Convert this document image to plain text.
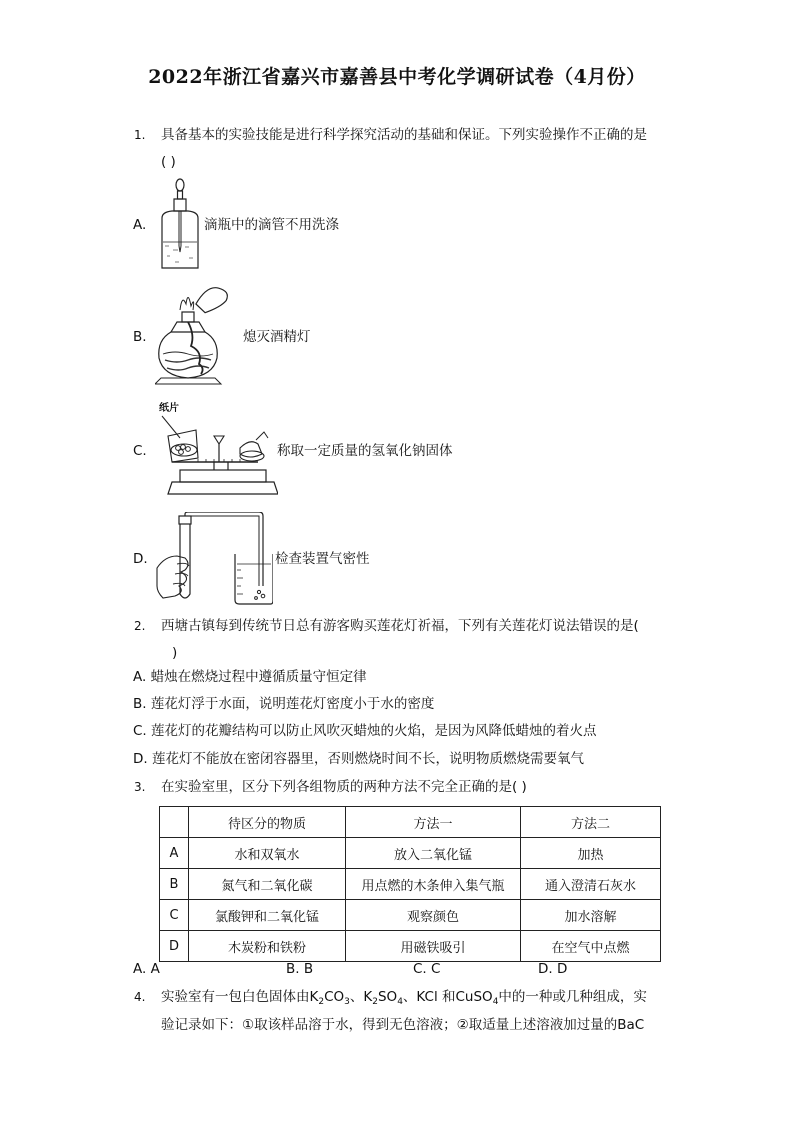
2022年浙江省嘉兴市嘉善县中考化学调研试卷（4月份）
1. 具备基本的实验技能是进行科学探究活动的基础和保证。下列实验操作不正确的是
( )
A.	滴瓶中的滴管不用洗涤
B.	熄灭酒精灯
纸片
C.	称取一定质量的氢氧化钠固体
D.	检查装置气密性
2. 西塘古镇每到传统节日总有游客购买莲花灯祈福，下列有关莲花灯说法错误的是(
)
A. 蜡烛在燃烧过程中遵循质量守恒定律
B. 莲花灯浮于水面，说明莲花灯密度小于水的密度
C. 莲花灯的花瓣结构可以防止风吹灭蜡烛的火焰，是因为风降低蜡烛的着火点
D. 莲花灯不能放在密闭容器里，否则燃烧时间不长，说明物质燃烧需要氧气
3. 在实验室里，区分下列各组物质的两种方法不完全正确的是( )
	待区分的物质	方法一	方法二
A	水和双氧水	放入二氧化锰	加热
B	氮气和二氧化碳	用点燃的木条伸入集气瓶	通入澄清石灰水
C	氯酸钾和二氧化锰	观察颜色	加水溶解
D	木炭粉和铁粉	用磁铁吸引	在空气中点燃
A. A	B. B	C. C	D. D
4. 实验室有一包白色固体由$K_2CO_3$、$K_2SO_4$、KCl 和CuSO$_4$中的一种或几种组成，实
验记录如下：①取该样品溶于水，得到无色溶液；②取适量上述溶液加过量的BaC
